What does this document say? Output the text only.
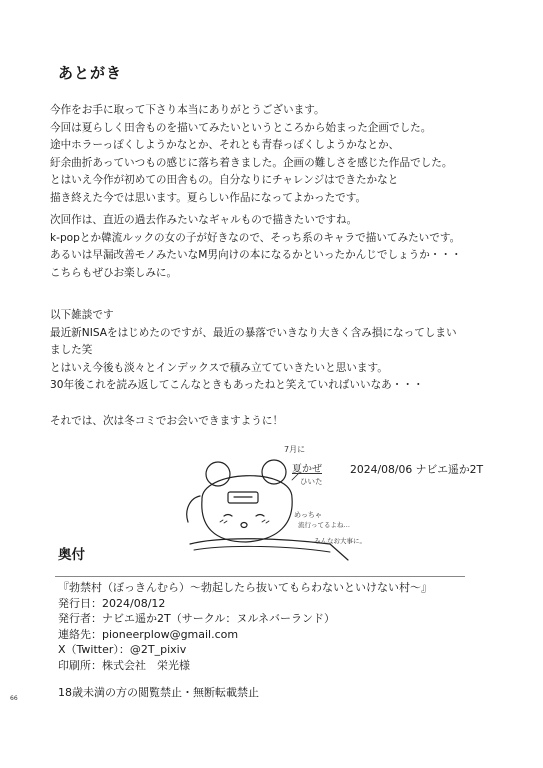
あとがき
今作をお手に取って下さり本当にありがとうございます。
今回は夏らしく田舎ものを描いてみたいというところから始まった企画でした。
途中ホラーっぽくしようかなとか、それとも青春っぽくしようかなとか、
紆余曲折あっていつもの感じに落ち着きました。企画の難しさを感じた作品でした。
とはいえ今作が初めての田舎もの。自分なりにチャレンジはできたかなと
描き終えた今では思います。夏らしい作品になってよかったです。
次回作は、直近の過去作みたいなギャルもので描きたいですね。
k-popとか韓流ルックの女の子が好きなので、そっち系のキャラで描いてみたいです。
あるいは早漏改善モノみたいなM男向けの本になるかといったかんじでしょうか・・・
こちらもぜひお楽しみに。
以下雑談です
最近新NISAをはじめたのですが、最近の暴落でいきなり大きく含み損になってしまい
ました笑
とはいえ今後も淡々とインデックスで積み立てていきたいと思います。
30年後これを読み返してこんなときもあったねと笑えていればいいなあ・・・
それでは、次は冬コミでお会いできますように！
7月に
夏かぜ
ひいた
めっちゃ
流行ってるよね…
みんなお大事に。
2024/08/06 ナビエ遥か2T
奥付
『勃禁村（ぼっきんむら）〜勃起したら抜いてもらわないといけない村〜』
発行日：2024/08/12
発行者：ナビエ遥か2T（サークル：ヌルネバーランド）
連絡先：pioneerplow@gmail.com
X（Twitter）：@2T_pixiv
印刷所：株式会社　栄光様
18歳未満の方の閲覧禁止・無断転載禁止
66
